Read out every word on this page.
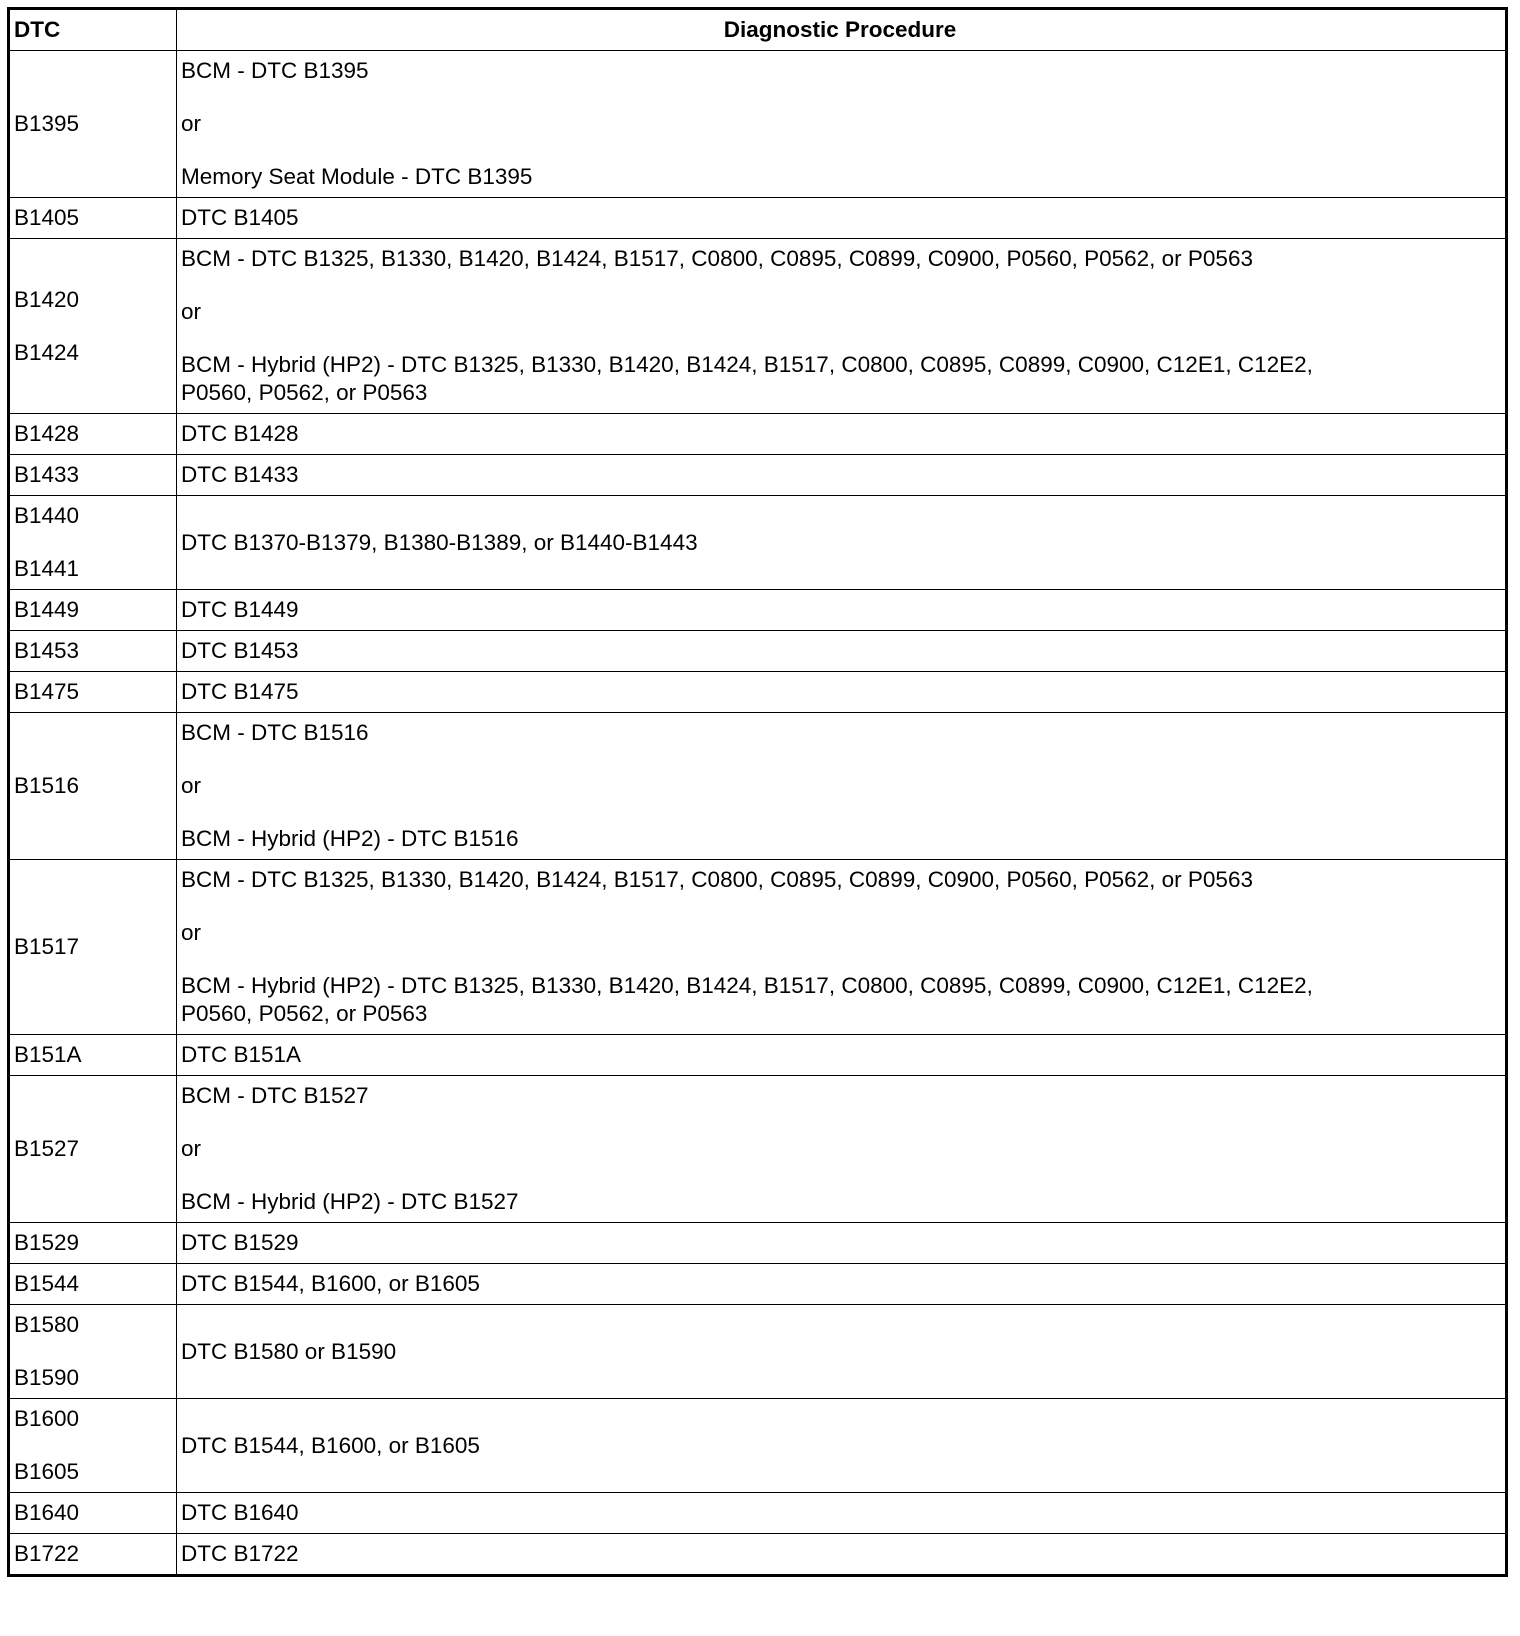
DTC	Diagnostic Procedure

B1395	BCM - DTC B1395
or
Memory Seat Module - DTC B1395

B1405	DTC B1405

B1420
B1424	BCM - DTC B1325, B1330, B1420, B1424, B1517, C0800, C0895, C0899, C0900, P0560, P0562, or P0563
or
BCM - Hybrid (HP2) - DTC B1325, B1330, B1420, B1424, B1517, C0800, C0895, C0899, C0900, C12E1, C12E2,
P0560, P0562, or P0563

B1428	DTC B1428

B1433	DTC B1433

B1440
B1441	DTC B1370-B1379, B1380-B1389, or B1440-B1443

B1449	DTC B1449

B1453	DTC B1453

B1475	DTC B1475

B1516	BCM - DTC B1516
or
BCM - Hybrid (HP2) - DTC B1516

B1517	BCM - DTC B1325, B1330, B1420, B1424, B1517, C0800, C0895, C0899, C0900, P0560, P0562, or P0563
or
BCM - Hybrid (HP2) - DTC B1325, B1330, B1420, B1424, B1517, C0800, C0895, C0899, C0900, C12E1, C12E2,
P0560, P0562, or P0563

B151A	DTC B151A

B1527	BCM - DTC B1527
or
BCM - Hybrid (HP2) - DTC B1527

B1529	DTC B1529

B1544	DTC B1544, B1600, or B1605

B1580
B1590	DTC B1580 or B1590

B1600
B1605	DTC B1544, B1600, or B1605

B1640	DTC B1640

B1722	DTC B1722
